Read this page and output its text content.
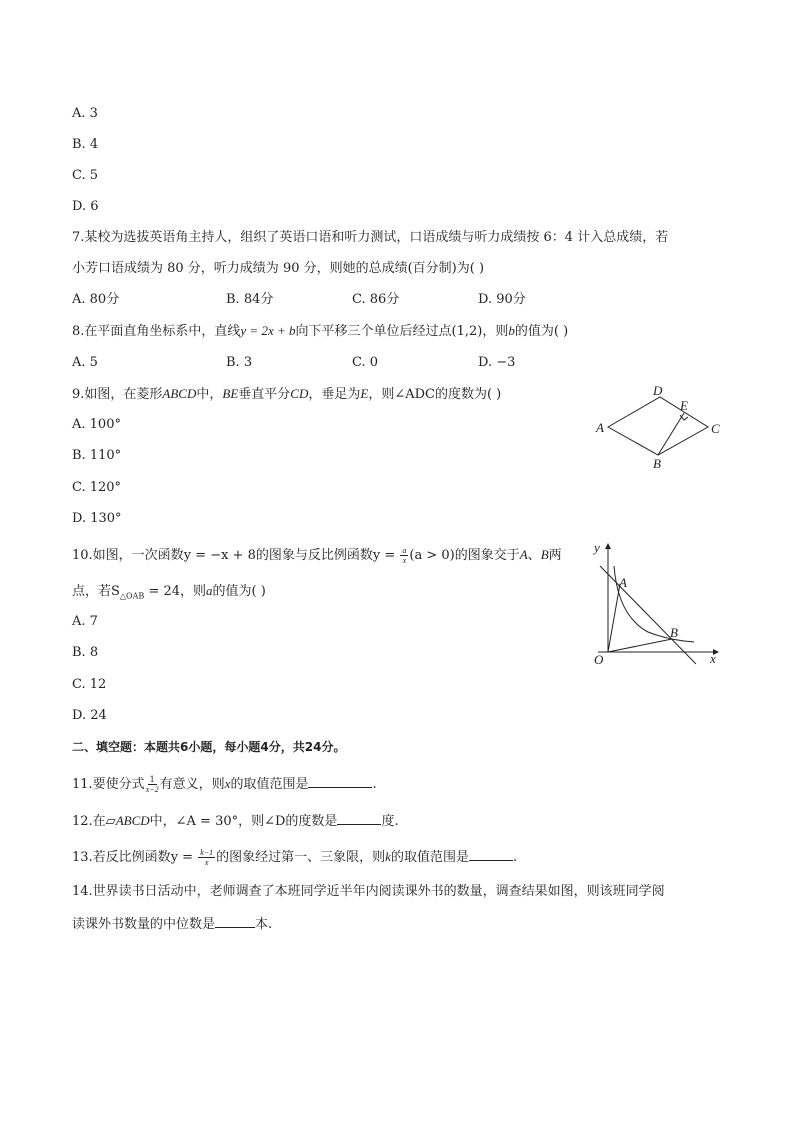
A. 3
B. 4
C. 5
D. 6
7.某校为选拔英语角主持人，组织了英语口语和听力测试，口语成绩与听力成绩按 6：4 计入总成绩，若
小芳口语成绩为 80 分，听力成绩为 90 分，则她的总成绩(百分制)为( )
A. 80分	B. 84分	C. 86分	D. 90分
8.在平面直角坐标系中，直线y = 2x + b向下平移三个单位后经过点(1,2)，则b的值为( )
A. 5	B. 3	C. 0	D. −3
9.如图，在菱形ABCD中，BE垂直平分CD，垂足为E，则∠ADC的度数为( )
A. 100°
B. 110°
C. 120°
D. 130°
A
D
E
C
B
10.如图，一次函数y = −x + 8的图象与反比例函数$y = \frac{a}{x} (a > 0)$的图象交于A、B两
点，若$S_{\triangle OAB} = 24$，则a的值为( )
A. 7
B. 8
C. 12
D. 24
y
x
O
A
B
二、填空题：本题共6小题，每小题4分，共24分。
11.要使分式 $\frac{1}{x-2}$ 有意义，则x的取值范围是	.
12.在▱ABCD中，∠A = 30°，则∠D的度数是	度.
13.若反比例函数$y = \frac{k-1}{x}$ 的图象经过第一、三象限，则k的取值范围是	.
14.世界读书日活动中，老师调查了本班同学近半年内阅读课外书的数量，调查结果如图，则该班同学阅
读课外书数量的中位数是	本.
